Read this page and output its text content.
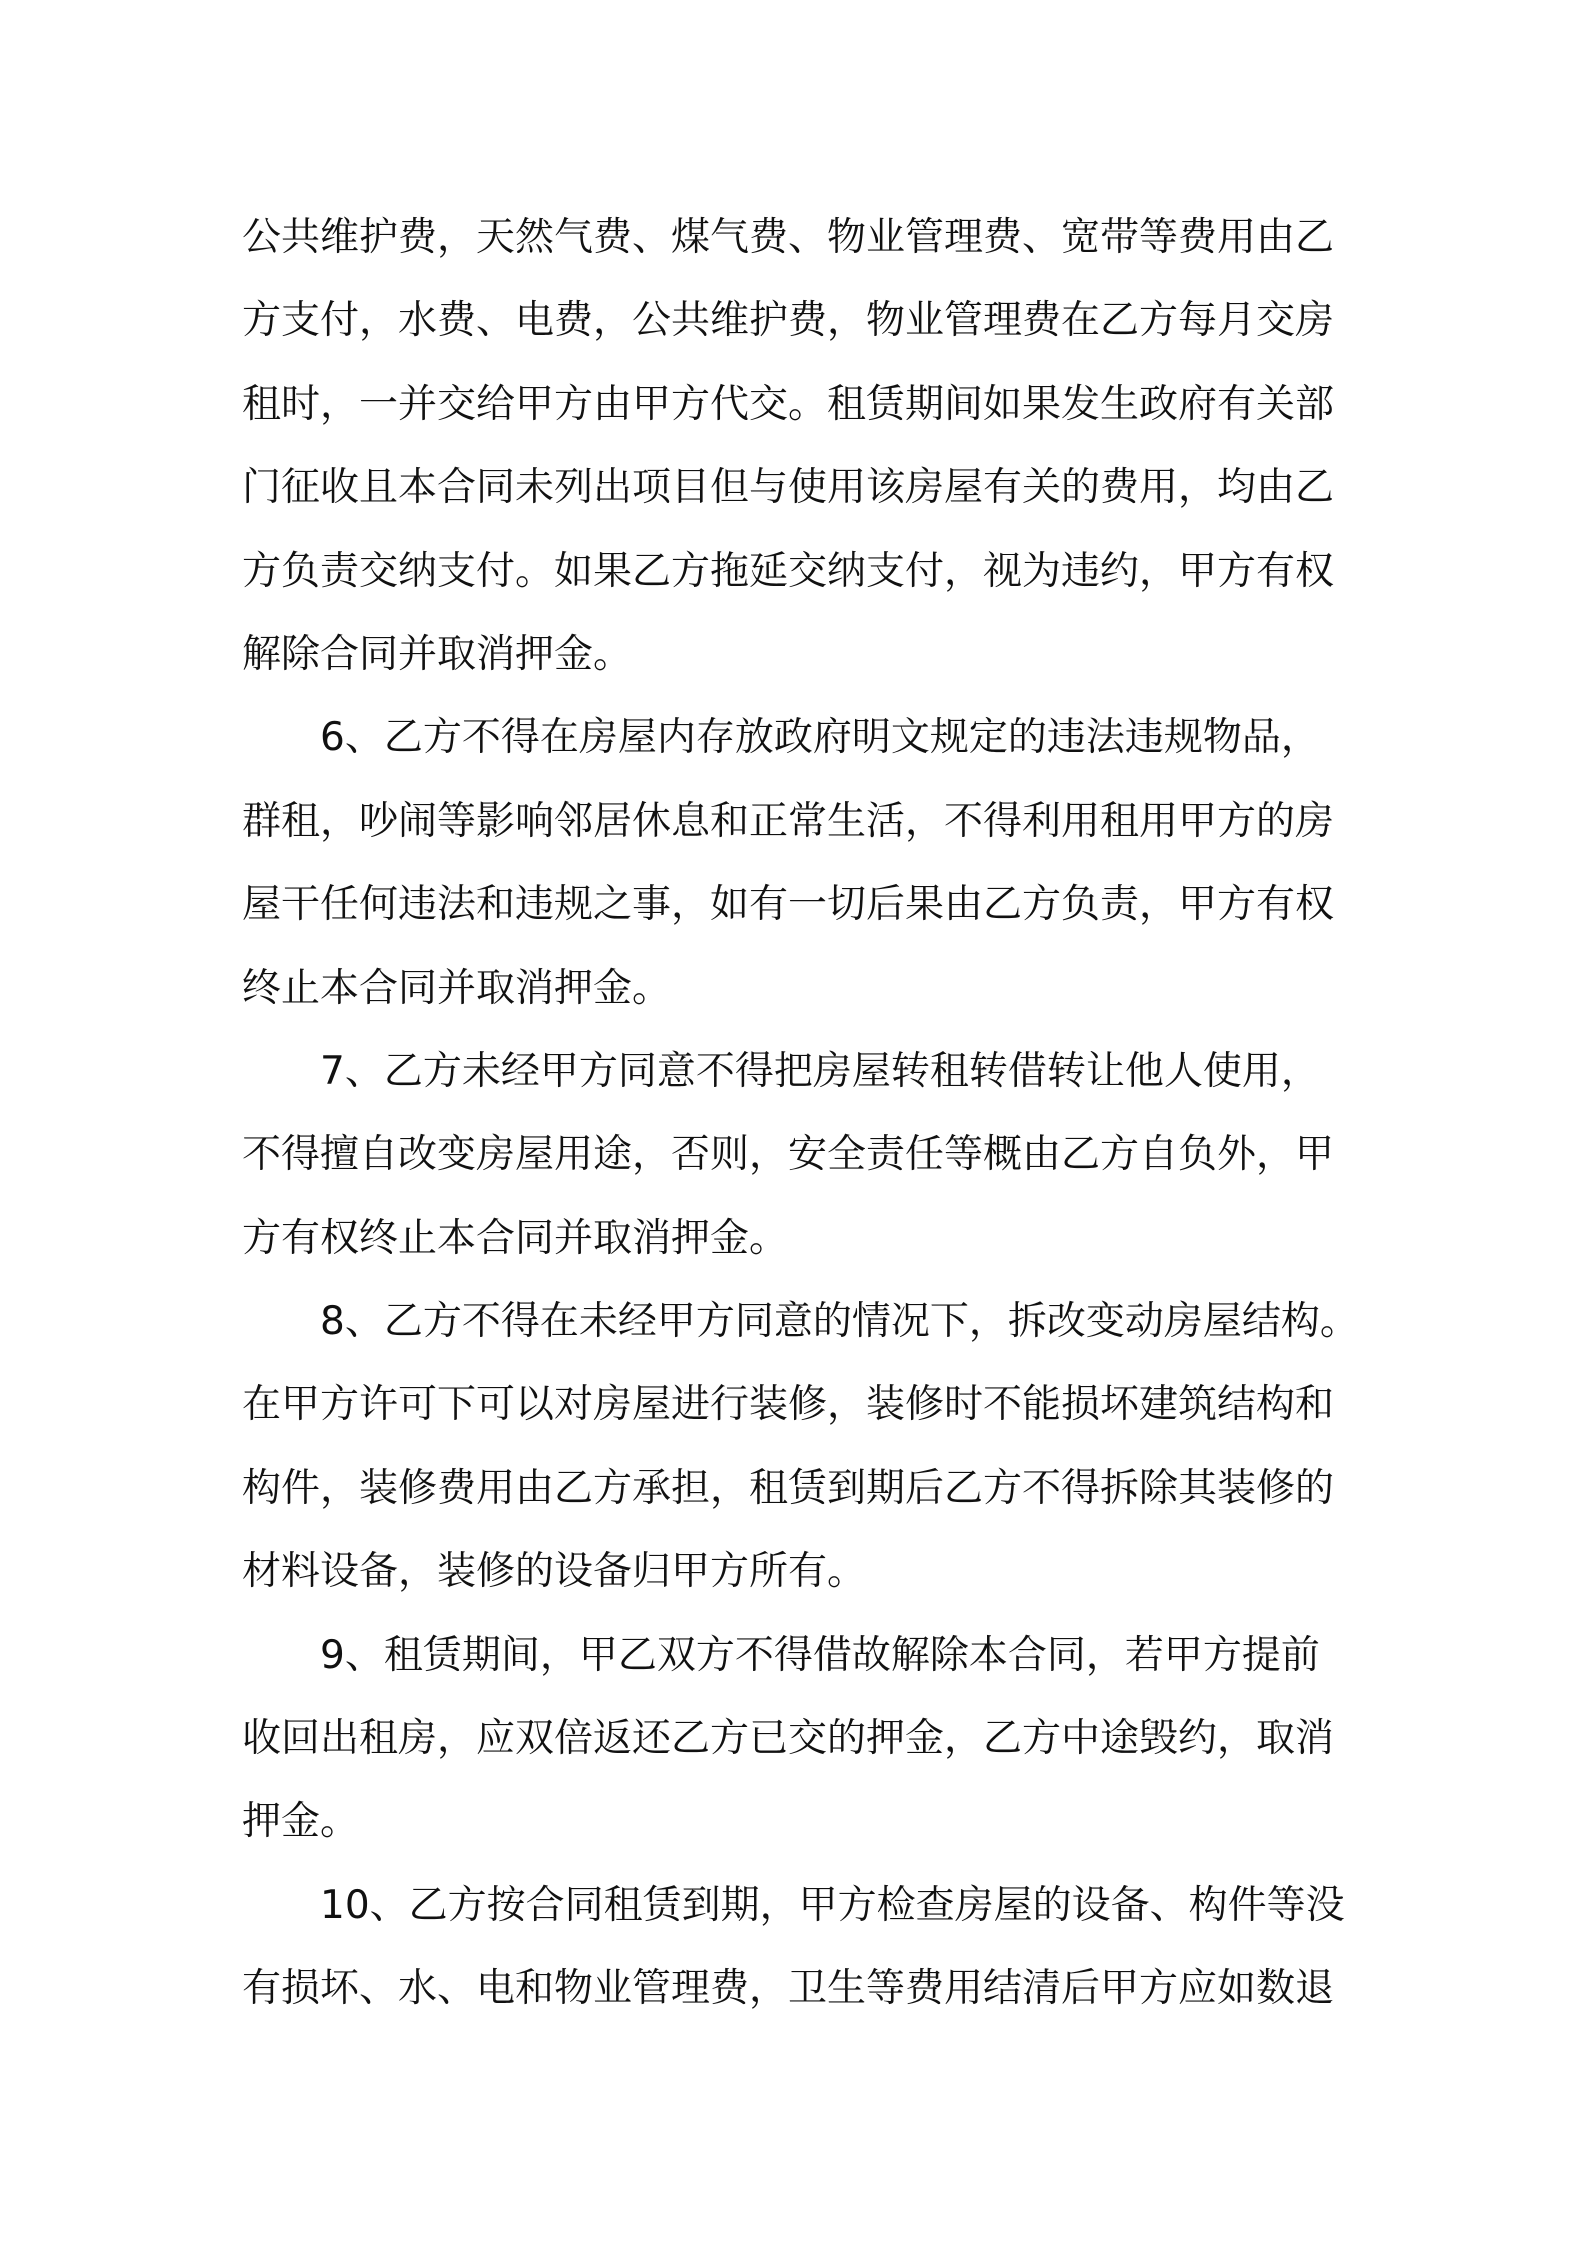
公共维护费，天然气费、煤气费、物业管理费、宽带等费用由乙
方支付，水费、电费，公共维护费，物业管理费在乙方每月交房
租时，一并交给甲方由甲方代交。租赁期间如果发生政府有关部
门征收且本合同未列出项目但与使用该房屋有关的费用，均由乙
方负责交纳支付。如果乙方拖延交纳支付，视为违约，甲方有权
解除合同并取消押金。
6、乙方不得在房屋内存放政府明文规定的违法违规物品，
群租，吵闹等影响邻居休息和正常生活，不得利用租用甲方的房
屋干任何违法和违规之事，如有一切后果由乙方负责，甲方有权
终止本合同并取消押金。
7、乙方未经甲方同意不得把房屋转租转借转让他人使用，
不得擅自改变房屋用途，否则，安全责任等概由乙方自负外，甲
方有权终止本合同并取消押金。
8、乙方不得在未经甲方同意的情况下，拆改变动房屋结构。
在甲方许可下可以对房屋进行装修，装修时不能损坏建筑结构和
构件，装修费用由乙方承担，租赁到期后乙方不得拆除其装修的
材料设备，装修的设备归甲方所有。
9、租赁期间，甲乙双方不得借故解除本合同，若甲方提前
收回出租房，应双倍返还乙方已交的押金，乙方中途毁约，取消
押金。
10、乙方按合同租赁到期，甲方检查房屋的设备、构件等没
有损坏、水、电和物业管理费，卫生等费用结清后甲方应如数退
